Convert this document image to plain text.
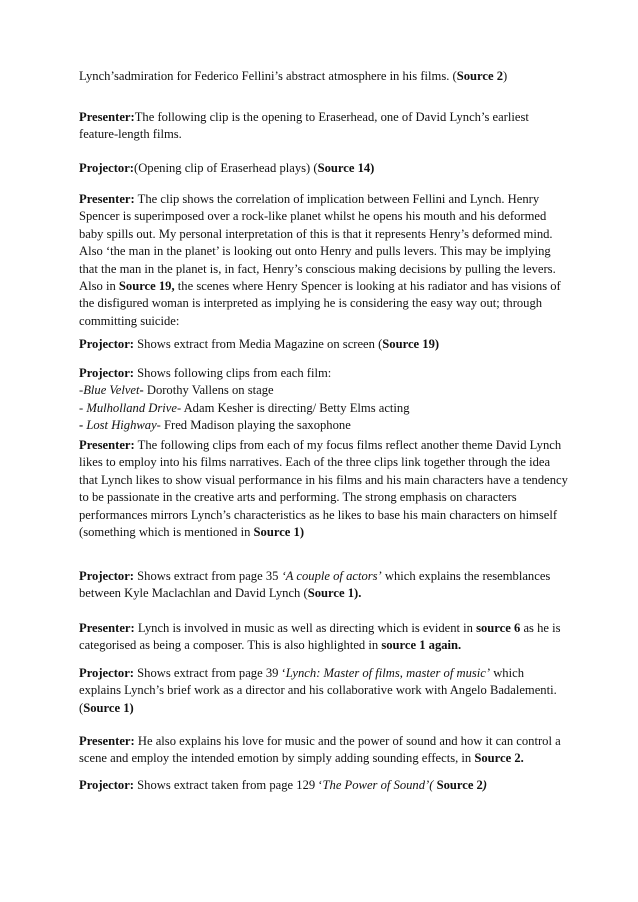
Lynch’sadmiration for Federico Fellini’s abstract atmosphere in his films. (Source 2)

Presenter:The following clip is the opening to Eraserhead, one of David Lynch’s earliest feature-length films.

Projector:(Opening clip of Eraserhead plays) (Source 14)

Presenter: The clip shows the correlation of implication between Fellini and Lynch. Henry Spencer is superimposed over a rock-like planet whilst he opens his mouth and his deformed baby spills out. My personal interpretation of this is that it represents Henry’s deformed mind. Also ‘the man in the planet’ is looking out onto Henry and pulls levers. This may be implying that the man in the planet is, in fact, Henry’s conscious making decisions by pulling the levers. Also in Source 19, the scenes where Henry Spencer is looking at his radiator and has visions of the disfigured woman is interpreted as implying he is considering the easy way out; through committing suicide:

Projector: Shows extract from Media Magazine on screen (Source 19)

Projector: Shows following clips from each film:
-Blue Velvet- Dorothy Vallens on stage
- Mulholland Drive- Adam Kesher is directing/ Betty Elms acting
- Lost Highway- Fred Madison playing the saxophone

Presenter: The following clips from each of my focus films reflect another theme David Lynch likes to employ into his films narratives. Each of the three clips link together through the idea that Lynch likes to show visual performance in his films and his main characters have a tendency to be passionate in the creative arts and performing. The strong emphasis on characters performances mirrors Lynch’s characteristics as he likes to base his main characters on himself (something which is mentioned in Source 1)

Projector: Shows extract from page 35 ‘A couple of actors’ which explains the resemblances between Kyle Maclachlan and David Lynch (Source 1).

Presenter: Lynch is involved in music as well as directing which is evident in source 6 as he is categorised as being a composer. This is also highlighted in source 1 again.

Projector: Shows extract from page 39 ‘Lynch: Master of films, master of music’ which explains Lynch’s brief work as a director and his collaborative work with Angelo Badalementi. (Source 1)

Presenter: He also explains his love for music and the power of sound and how it can control a scene and employ the intended emotion by simply adding sounding effects, in Source 2.

Projector: Shows extract taken from page 129 ‘The Power of Sound’( Source 2)
